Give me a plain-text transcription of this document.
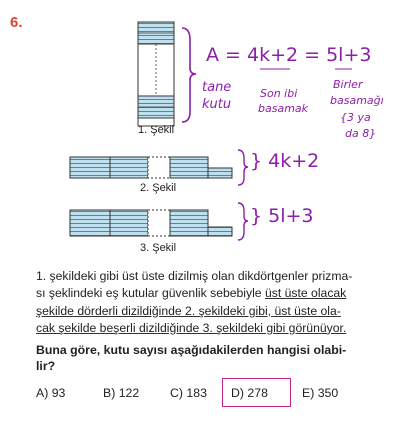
6.
1. Şekil
2. Şekil
3. Şekil
A = 4k+2 = 5l+3
tane
kutu
Son ibi
basamak
Birler
basamağı
{3 ya
da 8}
} 4k+2
} 5l+3
1. şekildeki gibi üst üste dizilmiş olan dikdörtgenler prizma-
sı şeklindeki eş kutular güvenlik sebebiyle üst üste olacak
şekilde dörderli dizildiğinde 2. şekildeki gibi, üst üste ola-
cak şekilde beşerli dizildiğinde 3. şekildeki gibi görünüyor.
Buna göre, kutu sayısı aşağıdakilerden hangisi olabi-
lir?
A) 93	B) 122	C) 183 D) 278	E) 350
